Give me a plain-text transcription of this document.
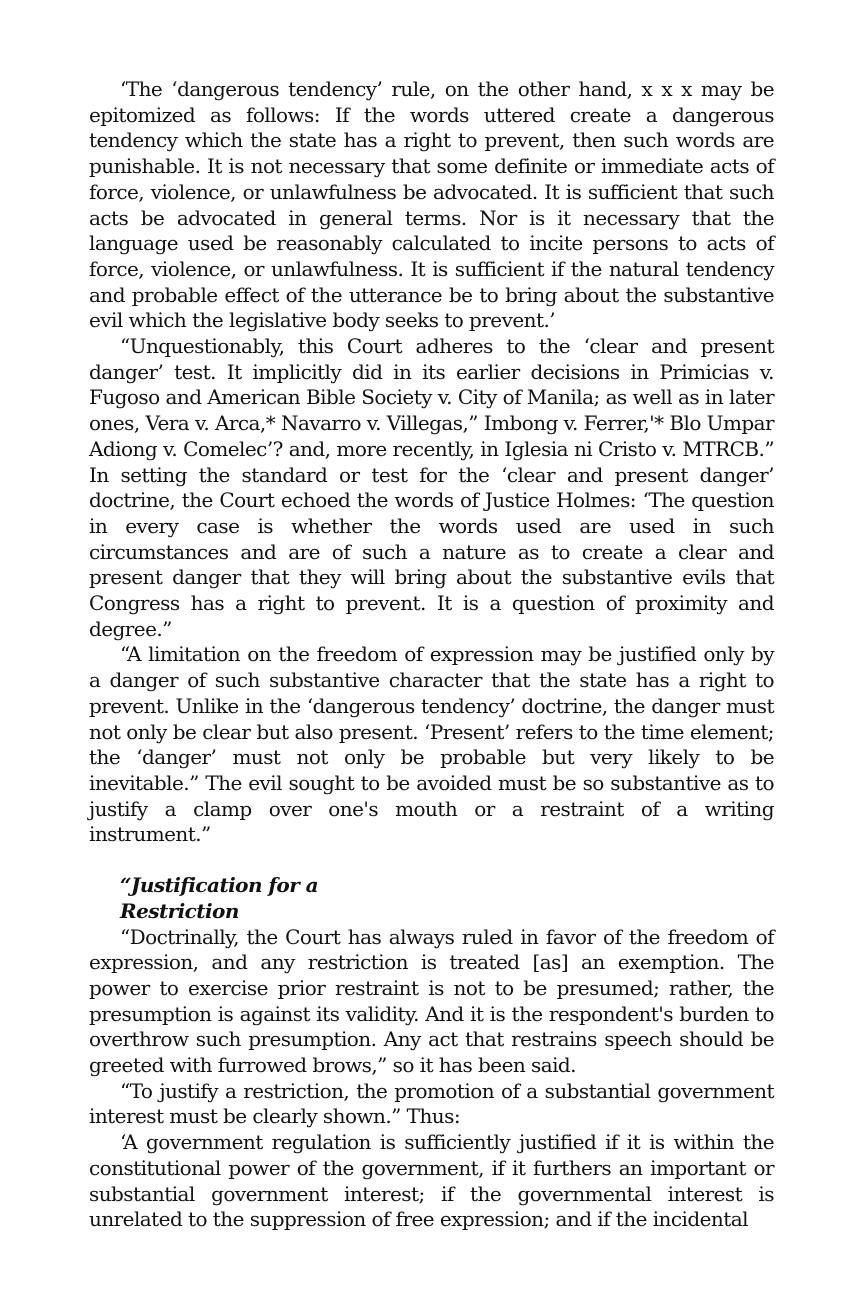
‘The ‘dangerous tendency’ rule, on the other hand, x x x may be epitomized as follows: If the words uttered create a dangerous tendency which the state has a right to prevent, then such words are punishable. It is not necessary that some definite or immediate acts of force, violence, or unlawfulness be advocated. It is sufficient that such acts be advocated in general terms. Nor is it necessary that the language used be reasonably calculated to incite persons to acts of force, violence, or unlawfulness. It is sufficient if the natural tendency and probable effect of the utterance be to bring about the substantive evil which the legislative body seeks to prevent.’

“Unquestionably, this Court adheres to the ‘clear and present danger’ test. It implicitly did in its earlier decisions in Primicias v. Fugoso and American Bible Society v. City of Manila; as well as in later ones, Vera v. Arca,* Navarro v. Villegas,” Imbong v. Ferrer,'* Blo Umpar Adiong v. Comelec’? and, more recently, in Iglesia ni Cristo v. MTRCB.” In setting the standard or test for the ‘clear and present danger’ doctrine, the Court echoed the words of Justice Holmes: ‘The question in every case is whether the words used are used in such circumstances and are of such a nature as to create a clear and present danger that they will bring about the substantive evils that Congress has a right to prevent. It is a question of proximity and degree.”

“A limitation on the freedom of expression may be justified only by a danger of such substantive character that the state has a right to prevent. Unlike in the ‘dangerous tendency’ doctrine, the danger must not only be clear but also present. ‘Present’ refers to the time element; the ‘danger’ must not only be probable but very likely to be inevitable.” The evil sought to be avoided must be so substantive as to justify a clamp over one's mouth or a restraint of a writing instrument.”

“Justification for a Restriction

“Doctrinally, the Court has always ruled in favor of the freedom of expression, and any restriction is treated [as] an exemption. The power to exercise prior restraint is not to be presumed; rather, the presumption is against its validity. And it is the respondent's burden to overthrow such presumption. Any act that restrains speech should be greeted with furrowed brows,” so it has been said.

“To justify a restriction, the promotion of a substantial government interest must be clearly shown.” Thus:

‘A government regulation is sufficiently justified if it is within the constitutional power of the government, if it furthers an important or substantial government interest; if the governmental interest is unrelated to the suppression of free expression; and if the incidental
